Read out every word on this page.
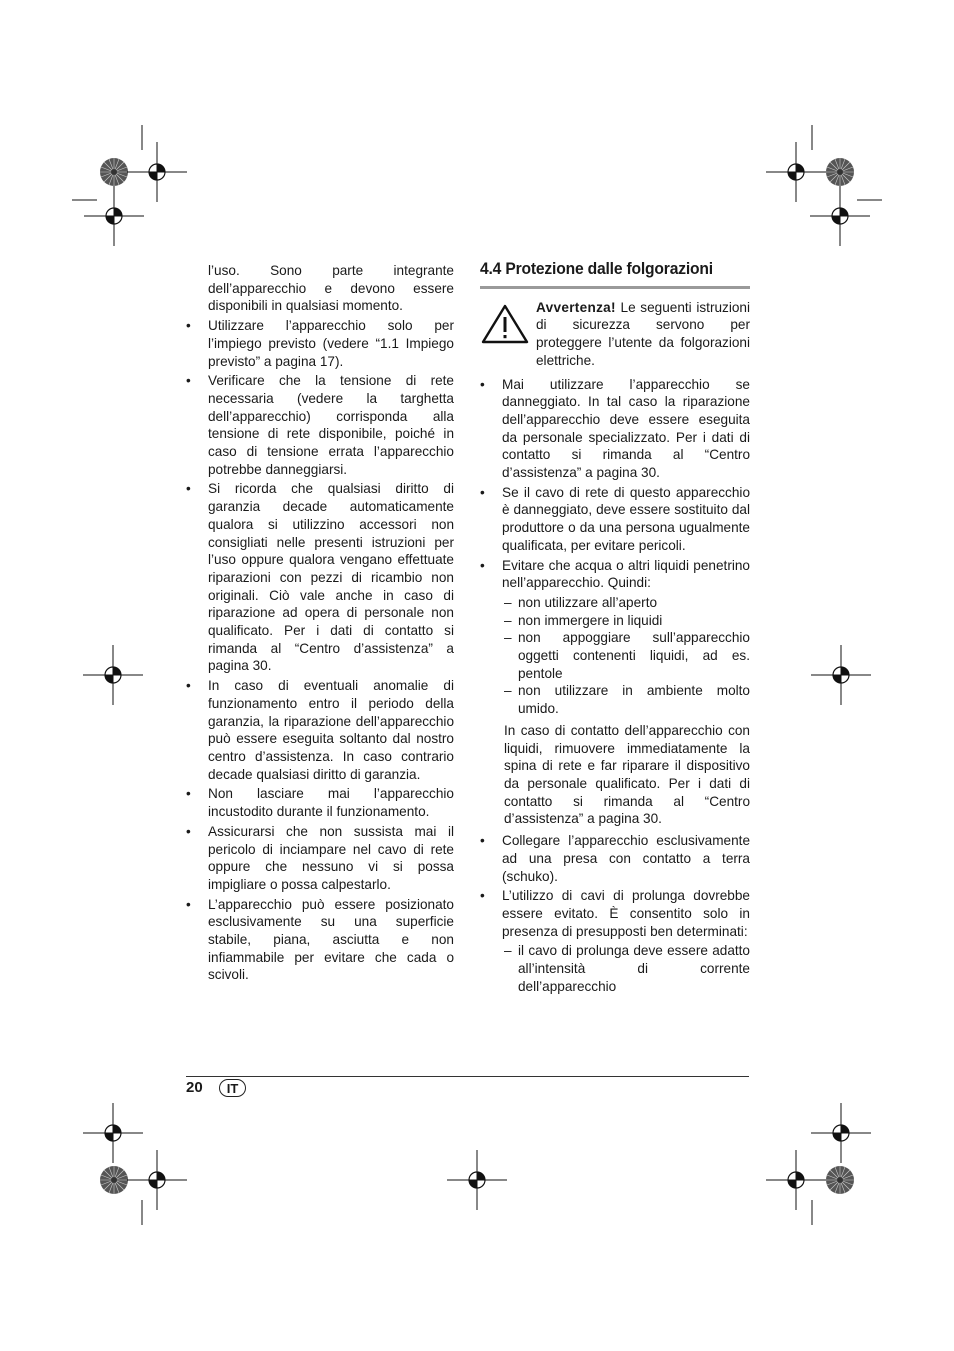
l’uso. Sono parte integrante dell’apparecchio e devono essere disponibili in qualsiasi momento.

• Utilizzare l’apparecchio solo per l’impiego previsto (vedere “1.1 Impiego previsto” a pagina 17).
• Verificare che la tensione di rete necessaria (vedere la targhetta dell’apparecchio) corrisponda alla tensione di rete disponibile, poiché in caso di tensione errata l’apparecchio potrebbe danneggiarsi.
• Si ricorda che qualsiasi diritto di garanzia decade automaticamente qualora si utilizzino accessori non consigliati nelle presenti istruzioni per l’uso oppure qualora vengano effettuate riparazioni con pezzi di ricambio non originali. Ciò vale anche in caso di riparazione ad opera di personale non qualificato. Per i dati di contatto si rimanda al “Centro d’assistenza” a pagina 30.
• In caso di eventuali anomalie di funzionamento entro il periodo della garanzia, la riparazione dell’apparecchio può essere eseguita soltanto dal nostro centro d’assistenza. In caso contrario decade qualsiasi diritto di garanzia.
• Non lasciare mai l’apparecchio incustodito durante il funzionamento.
• Assicurarsi che non sussista mai il pericolo di inciampare nel cavo di rete oppure che nessuno vi si possa impigliare o possa calpestarlo.
• L’apparecchio può essere posizionato esclusivamente su una superficie stabile, piana, asciutta e non infiammabile per evitare che cada o scivoli.
4.4 Protezione dalle folgorazioni
Avvertenza! Le seguenti istruzioni di sicurezza servono per proteggere l’utente da folgorazioni elettriche.
• Mai utilizzare l’apparecchio se danneggiato. In tal caso la riparazione dell’apparecchio deve essere eseguita da personale specializzato. Per i dati di contatto si rimanda al “Centro d’assistenza” a pagina 30.
• Se il cavo di rete di questo apparecchio è danneggiato, deve essere sostituito dal produttore o da una persona ugualmente qualificata, per evitare pericoli.
• Evitare che acqua o altri liquidi penetrino nell’apparecchio. Quindi:
– non utilizzare all’aperto
– non immergere in liquidi
– non appoggiare sull’apparecchio oggetti contenenti liquidi, ad es. pentole
– non utilizzare in ambiente molto umido.

In caso di contatto dell’apparecchio con liquidi, rimuovere immediatamente la spina di rete e far riparare il dispositivo da personale qualificato. Per i dati di contatto si rimanda al “Centro d’assistenza” a pagina 30.

• Collegare l’apparecchio esclusivamente ad una presa con contatto a terra (schuko).
• L’utilizzo di cavi di prolunga dovrebbe essere evitato. È consentito solo in presenza di presupposti ben determinati:
– il cavo di prolunga deve essere adatto all’intensità di corrente dell’apparecchio
20	IT
